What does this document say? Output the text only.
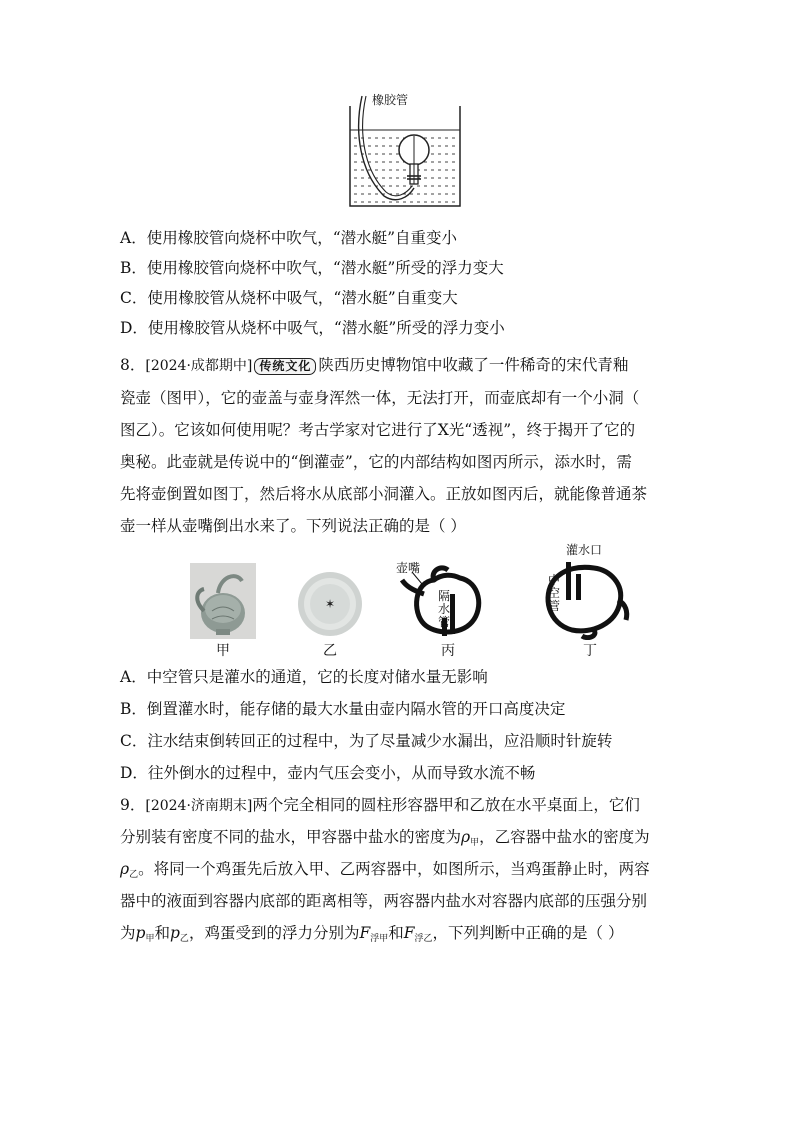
橡胶管
A．使用橡胶管向烧杯中吹气，“潜水艇”自重变小
B．使用橡胶管向烧杯中吹气，“潜水艇”所受的浮力变大
C．使用橡胶管从烧杯中吸气，“潜水艇”自重变大
D．使用橡胶管从烧杯中吸气，“潜水艇”所受的浮力变小
8．[2024·成都期中] 传统文化 陕西历史博物馆中收藏了一件稀奇的宋代青釉
瓷壶（图甲），它的壶盖与壶身浑然一体，无法打开，而壶底却有一个小洞（
图乙）。它该如何使用呢？考古学家对它进行了X光“透视”，终于揭开了它的
奥秘。此壶就是传说中的“倒灌壶”，它的内部结构如图丙所示，添水时，需
先将壶倒置如图丁，然后将水从底部小洞灌入。正放如图丙后，就能像普通茶
壶一样从壶嘴倒出水来了。下列说法正确的是（ ）
✶
壶嘴
隔水管
灌水口
中空管
甲	乙	丙	丁
A．中空管只是灌水的通道，它的长度对储水量无影响
B．倒置灌水时，能存储的最大水量由壶内隔水管的开口高度决定
C．注水结束倒转回正的过程中，为了尽量减少水漏出，应沿顺时针旋转
D．往外倒水的过程中，壶内气压会变小，从而导致水流不畅
9．[2024·济南期末]两个完全相同的圆柱形容器甲和乙放在水平桌面上，它们
分别装有密度不同的盐水，甲容器中盐水的密度为$\rho_甲$，乙容器中盐水的密度为
$\rho_乙$。将同一个鸡蛋先后放入甲、乙两容器中，如图所示，当鸡蛋静止时，两容
器中的液面到容器内底部的距离相等，两容器内盐水对容器内底部的压强分别
为$p_甲$和$p_乙$，鸡蛋受到的浮力分别为$F_{浮甲}$和$F_{浮乙}$，下列判断中正确的是（ ）
